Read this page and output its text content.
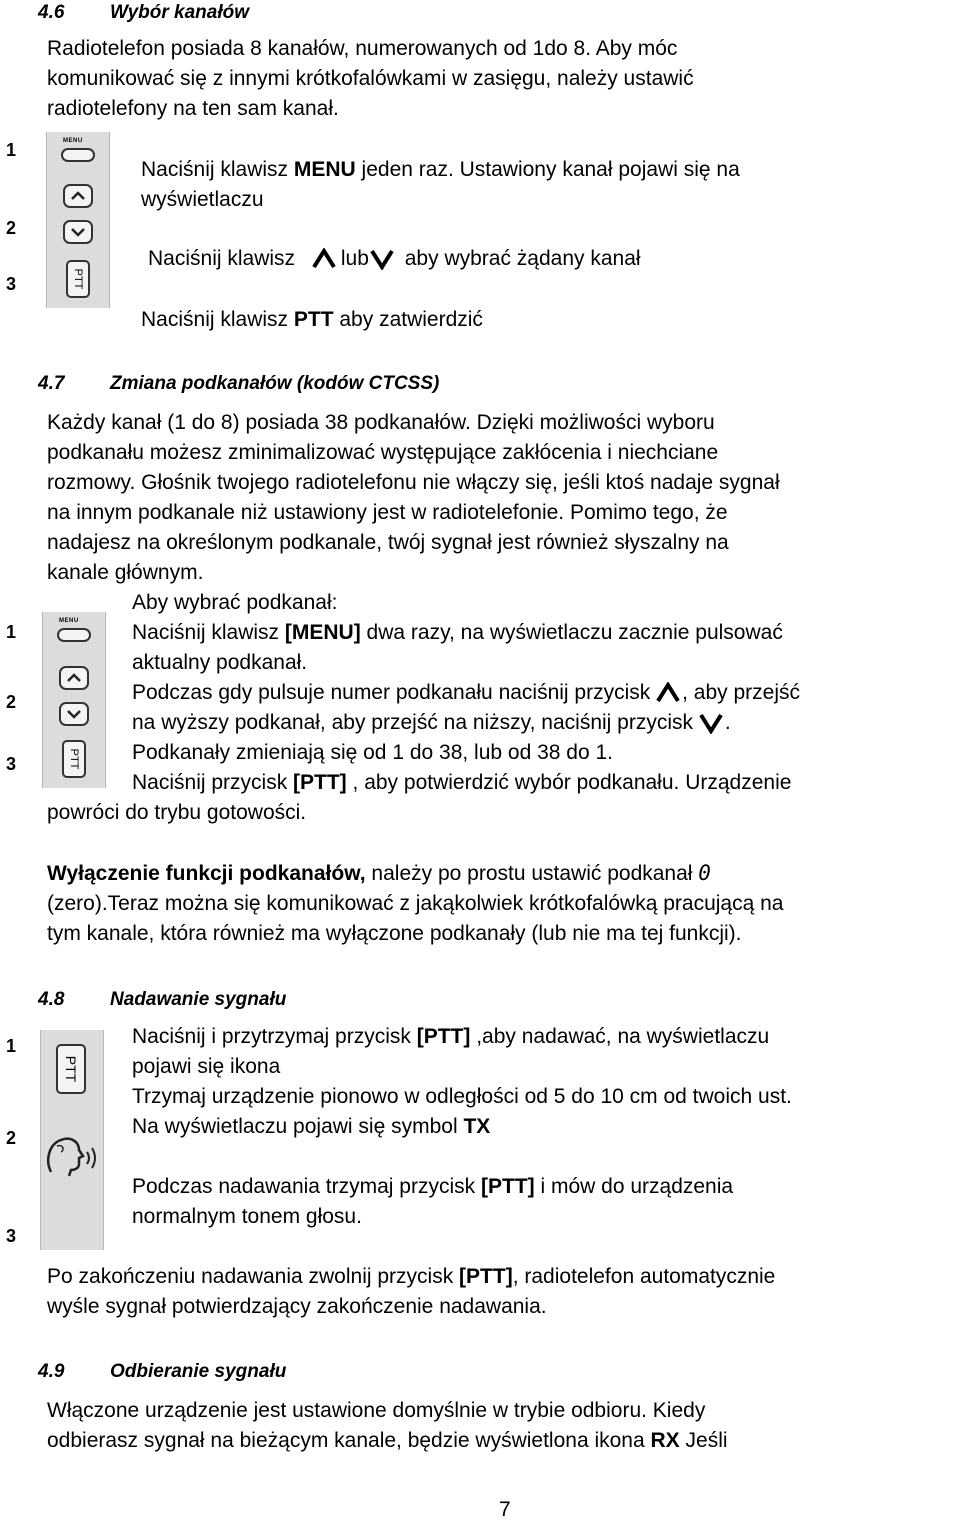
4.6 Wybór kanałów
Radiotelefon posiada 8 kanałów, numerowanych od 1do 8. Aby móc
komunikować się z innymi krótkofalówkami w zasięgu, należy ustawić
radiotelefony na ten sam kanał.
1
2
3
MENU
PTT
Naciśnij klawisz MENU jeden raz. Ustawiony kanał pojawi się na
wyświetlaczu
Naciśnij klawisz lub aby wybrać żądany kanał
Naciśnij klawisz PTT aby zatwierdzić
4.7 Zmiana podkanałów (kodów CTCSS)
Każdy kanał (1 do 8) posiada 38 podkanałów. Dzięki możliwości wyboru
podkanału możesz zminimalizować występujące zakłócenia i niechciane
rozmowy. Głośnik twojego radiotelefonu nie włączy się, jeśli ktoś nadaje sygnał
na innym podkanale niż ustawiony jest w radiotelefonie. Pomimo tego, że
nadajesz na określonym podkanale, twój sygnał jest również słyszalny na
kanale głównym.
1
2
3
MENU
PTT
Aby wybrać podkanał:
Naciśnij klawisz [MENU] dwa razy, na wyświetlaczu zacznie pulsować
aktualny podkanał.
Podczas gdy pulsuje numer podkanału naciśnij przycisk , aby przejść
na wyższy podkanał, aby przejść na niższy, naciśnij przycisk .
Podkanały zmieniają się od 1 do 38, lub od 38 do 1.
Naciśnij przycisk [PTT] , aby potwierdzić wybór podkanału. Urządzenie
powróci do trybu gotowości.
Wyłączenie funkcji podkanałów, należy po prostu ustawić podkanał 0
(zero).Teraz można się komunikować z jakąkolwiek krótkofalówką pracującą na
tym kanale, która również ma wyłączone podkanały (lub nie ma tej funkcji).
4.8 Nadawanie sygnału
1
2
3
PTT
Naciśnij i przytrzymaj przycisk [PTT] ,aby nadawać, na wyświetlaczu
pojawi się ikona
Trzymaj urządzenie pionowo w odległości od 5 do 10 cm od twoich ust.
Na wyświetlaczu pojawi się symbol TX
Podczas nadawania trzymaj przycisk [PTT] i mów do urządzenia
normalnym tonem głosu.
Po zakończeniu nadawania zwolnij przycisk [PTT], radiotelefon automatycznie
wyśle sygnał potwierdzający zakończenie nadawania.
4.9 Odbieranie sygnału
Włączone urządzenie jest ustawione domyślnie w trybie odbioru. Kiedy
odbierasz sygnał na bieżącym kanale, będzie wyświetlona ikona RX Jeśli
7
